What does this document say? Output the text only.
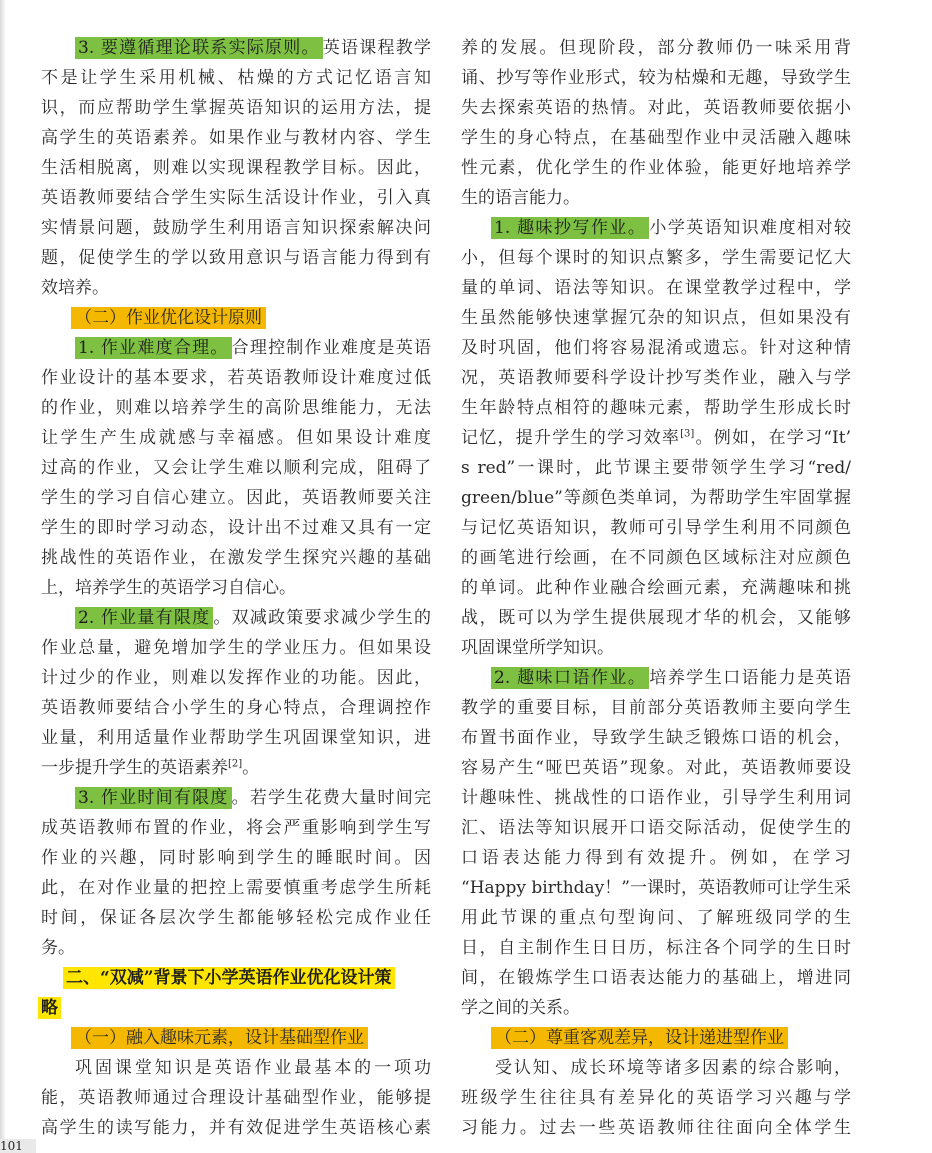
3. 要遵循理论联系实际原则。 英语课程教学
不是让学生采用机械、枯燥的方式记忆语言知
识，而应帮助学生掌握英语知识的运用方法，提
高学生的英语素养。如果作业与教材内容、学生
生活相脱离，则难以实现课程教学目标。因此，
英语教师要结合学生实际生活设计作业，引入真
实情景问题，鼓励学生利用语言知识探索解决问
题，促使学生的学以致用意识与语言能力得到有
效培养。
（二）作业优化设计原则
1. 作业难度合理。 合理控制作业难度是英语
作业设计的基本要求，若英语教师设计难度过低
的作业，则难以培养学生的高阶思维能力，无法
让学生产生成就感与幸福感。但如果设计难度
过高的作业，又会让学生难以顺利完成，阻碍了
学生的学习自信心建立。因此，英语教师要关注
学生的即时学习动态，设计出不过难又具有一定
挑战性的英语作业，在激发学生探究兴趣的基础
上，培养学生的英语学习自信心。
2. 作业量有限度 。双减政策要求减少学生的
作业总量，避免增加学生的学业压力。但如果设
计过少的作业，则难以发挥作业的功能。因此，
英语教师要结合小学生的身心特点，合理调控作
业量，利用适量作业帮助学生巩固课堂知识，进
一步提升学生的英语素养[2]。
3. 作业时间有限度 。若学生花费大量时间完
成英语教师布置的作业，将会严重影响到学生写
作业的兴趣，同时影响到学生的睡眠时间。因
此，在对作业量的把控上需要慎重考虑学生所耗
时间，保证各层次学生都能够轻松完成作业任
务。
二、“双减”背景下小学英语作业优化设计策
略
（一）融入趣味元素，设计基础型作业
巩固课堂知识是英语作业最基本的一项功
能，英语教师通过合理设计基础型作业，能够提
高学生的读写能力，并有效促进学生英语核心素
养的发展。但现阶段，部分教师仍一味采用背
诵、抄写等作业形式，较为枯燥和无趣，导致学生
失去探索英语的热情。对此，英语教师要依据小
学生的身心特点，在基础型作业中灵活融入趣味
性元素，优化学生的作业体验，能更好地培养学
生的语言能力。
1. 趣味抄写作业。 小学英语知识难度相对较
小，但每个课时的知识点繁多，学生需要记忆大
量的单词、语法等知识。在课堂教学过程中，学
生虽然能够快速掌握冗杂的知识点，但如果没有
及时巩固，他们将容易混淆或遗忘。针对这种情
况，英语教师要科学设计抄写类作业，融入与学
生年龄特点相符的趣味元素，帮助学生形成长时
记忆，提升学生的学习效率[3]。例如，在学习“It’
s red”一课时，此节课主要带领学生学习“red/
green/blue”等颜色类单词，为帮助学生牢固掌握
与记忆英语知识，教师可引导学生利用不同颜色
的画笔进行绘画，在不同颜色区域标注对应颜色
的单词。此种作业融合绘画元素，充满趣味和挑
战，既可以为学生提供展现才华的机会，又能够
巩固课堂所学知识。
2. 趣味口语作业。 培养学生口语能力是英语
教学的重要目标，目前部分英语教师主要向学生
布置书面作业，导致学生缺乏锻炼口语的机会，
容易产生“哑巴英语”现象。对此，英语教师要设
计趣味性、挑战性的口语作业，引导学生利用词
汇、语法等知识展开口语交际活动，促使学生的
口语表达能力得到有效提升。例如，在学习
“Happy birthday！”一课时，英语教师可让学生采
用此节课的重点句型询问、了解班级同学的生
日，自主制作生日日历，标注各个同学的生日时
间，在锻炼学生口语表达能力的基础上，增进同
学之间的关系。
（二）尊重客观差异，设计递进型作业
受认知、成长环境等诸多因素的综合影响，
班级学生往往具有差异化的英语学习兴趣与学
习能力。过去一些英语教师往往面向全体学生
101
